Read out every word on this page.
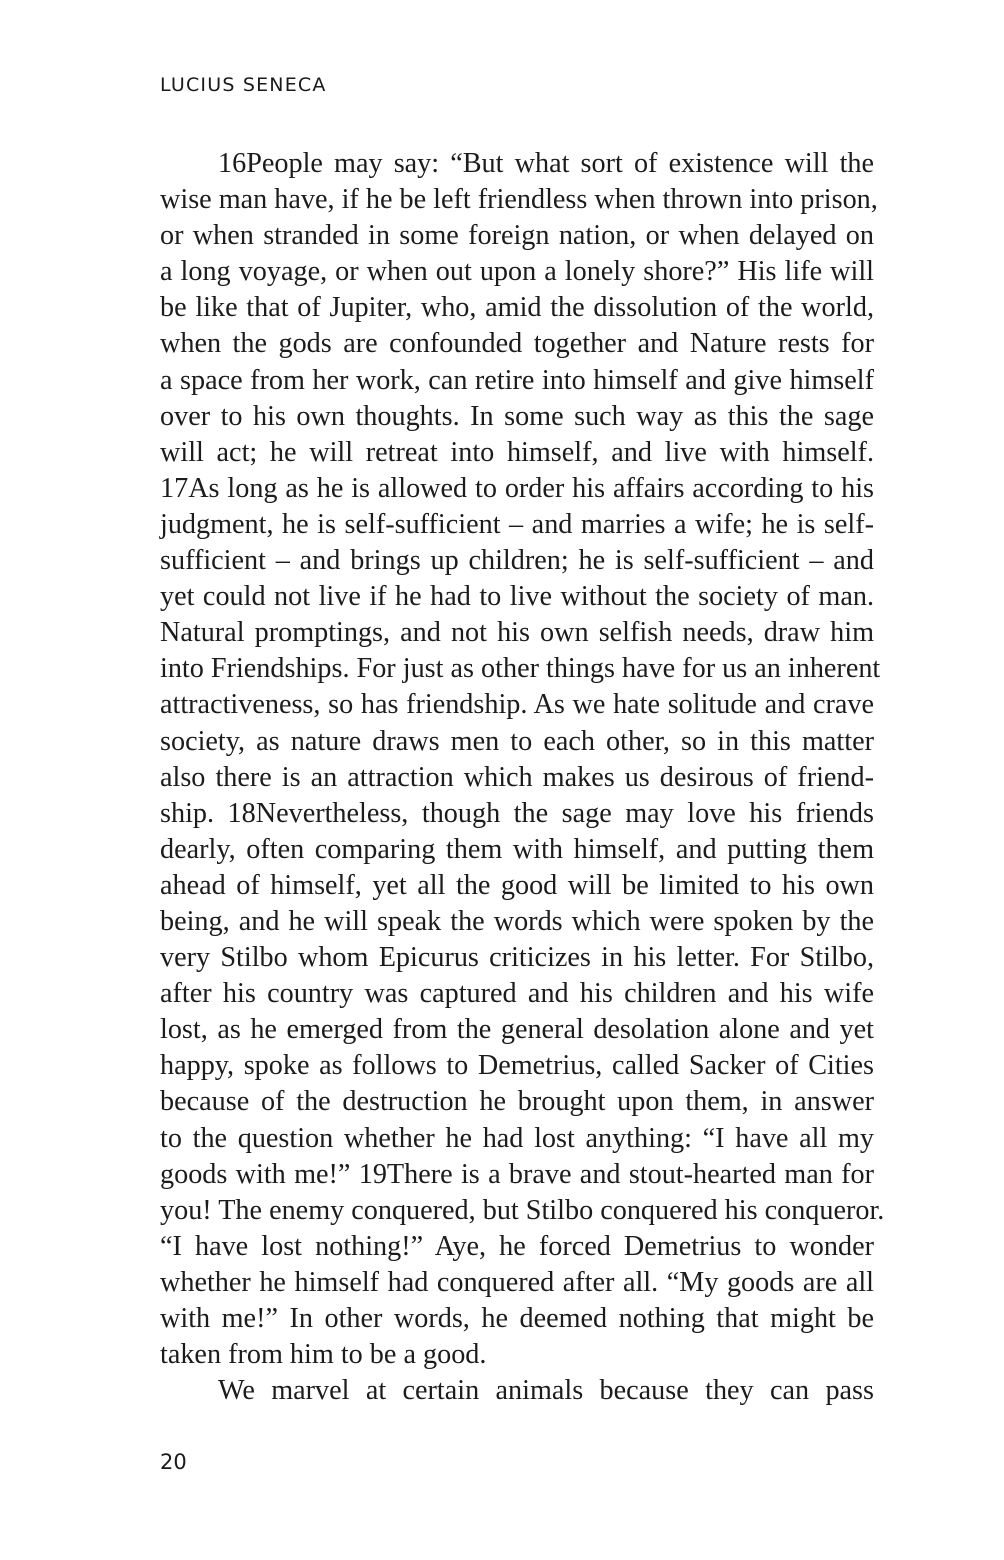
LUCIUS SENECA
16People may say: “But what sort of existence will the
wise man have, if he be left friendless when thrown into prison,
or when stranded in some foreign nation, or when delayed on
a long voyage, or when out upon a lonely shore?” His life will
be like that of Jupiter, who, amid the dissolution of the world,
when the gods are confounded together and Nature rests for
a space from her work, can retire into himself and give himself
over to his own thoughts. In some such way as this the sage
will act; he will retreat into himself, and live with himself.
17As long as he is allowed to order his affairs according to his
judgment, he is self-sufficient – and marries a wife; he is self-
sufficient – and brings up children; he is self-sufficient – and
yet could not live if he had to live without the society of man.
Natural promptings, and not his own selfish needs, draw him
into Friendships. For just as other things have for us an inherent
attractiveness, so has friendship. As we hate solitude and crave
society, as nature draws men to each other, so in this matter
also there is an attraction which makes us desirous of friend-
ship. 18Nevertheless, though the sage may love his friends
dearly, often comparing them with himself, and putting them
ahead of himself, yet all the good will be limited to his own
being, and he will speak the words which were spoken by the
very Stilbo whom Epicurus criticizes in his letter. For Stilbo,
after his country was captured and his children and his wife
lost, as he emerged from the general desolation alone and yet
happy, spoke as follows to Demetrius, called Sacker of Cities
because of the destruction he brought upon them, in answer
to the question whether he had lost anything: “I have all my
goods with me!” 19There is a brave and stout-hearted man for
you! The enemy conquered, but Stilbo conquered his conqueror.
“I have lost nothing!” Aye, he forced Demetrius to wonder
whether he himself had conquered after all. “My goods are all
with me!” In other words, he deemed nothing that might be
taken from him to be a good.
We marvel at certain animals because they can pass
20
